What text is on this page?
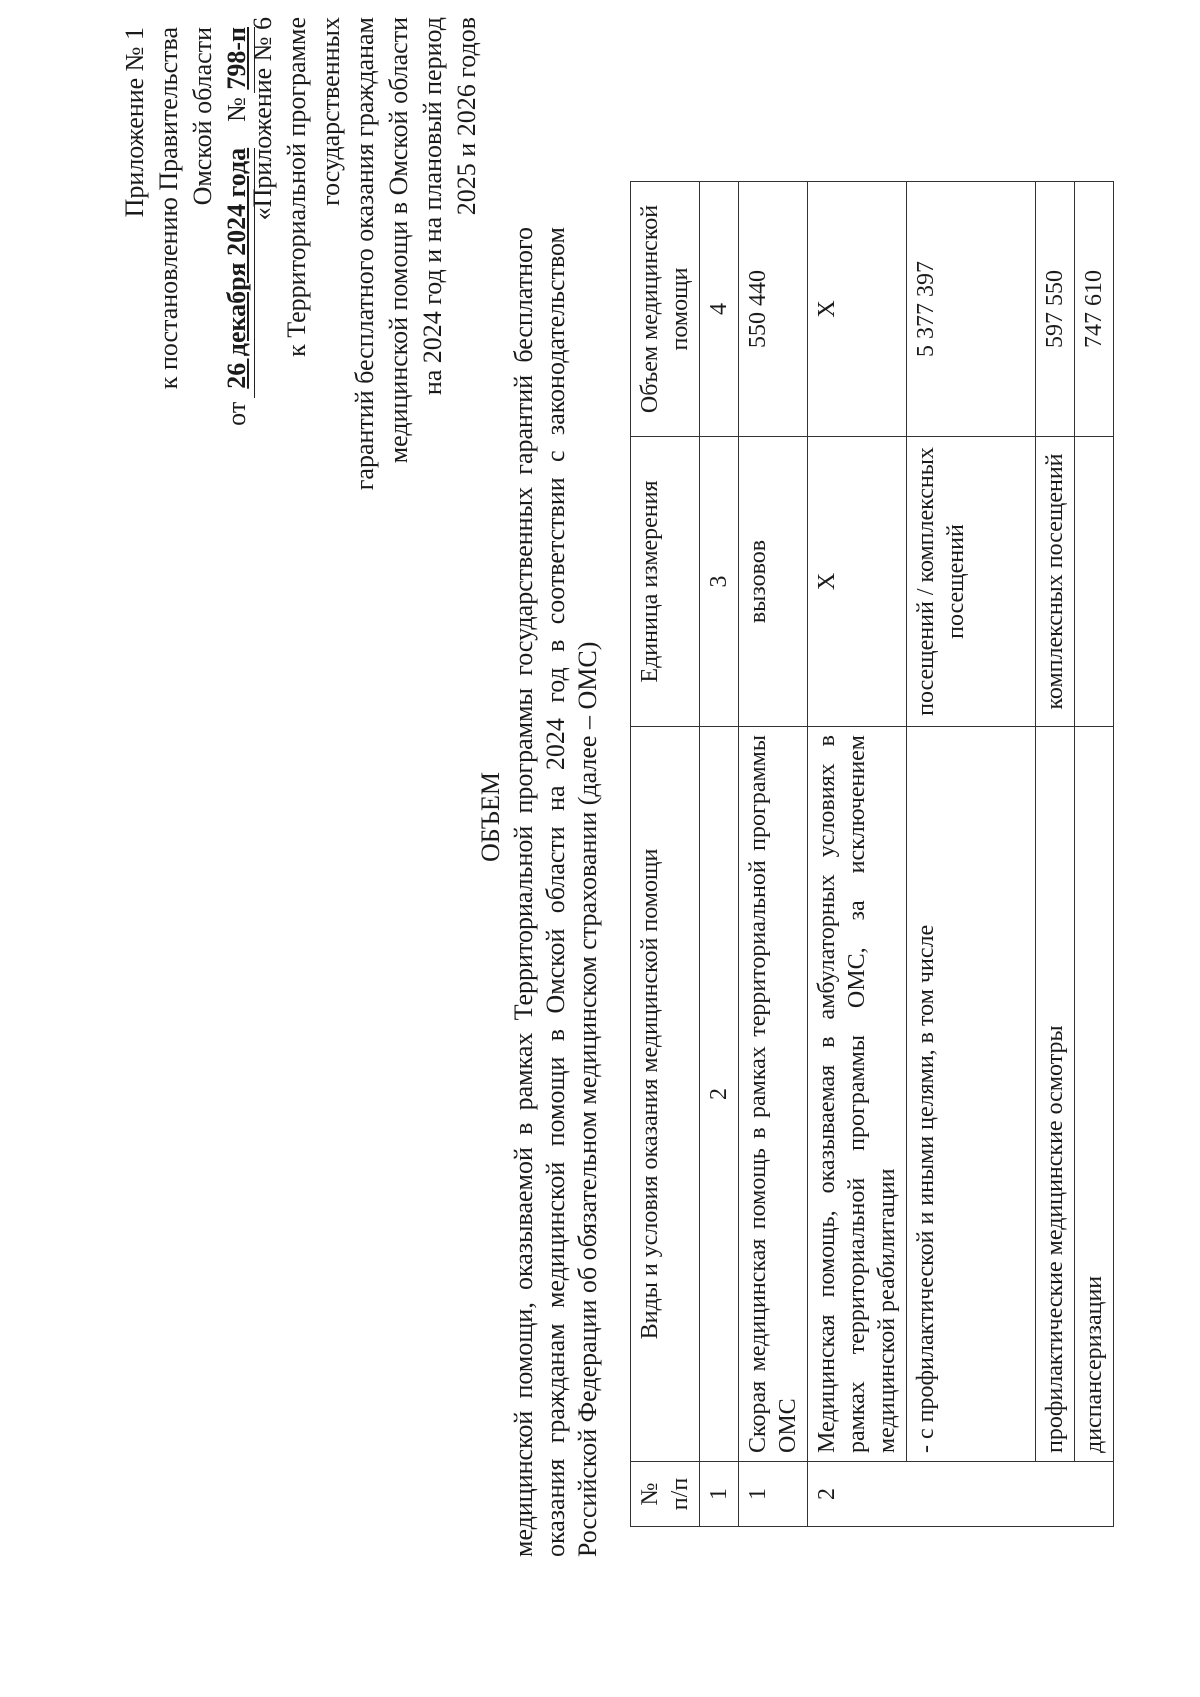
Приложение № 1 к постановлению Правительства Омской области
от
26 декабря 2024 года
№
798-п
«Приложение № 6 к Территориальной программе государственных гарантий бесплатного оказания гражданам медицинской помощи в Омской области на 2024 год и на плановый период 2025 и 2026 годов
ОБЪЕМ медицинской помощи, оказываемой в рамках Территориальной программы государственных гарантий бесплатного оказания гражданам медицинской помощи в Омской области на 2024 год в соответствии с законодательством Российской Федерации об обязательном медицинском страховании (далее – ОМС) № п/п	Виды и условия оказания медицинской помощи	Единица измерения	Объем медицинской помощи
1	2	3	4
1	Скорая медицинская помощь в рамках территориальной программы ОМС	вызовов	550 440
2	Медицинская помощь, оказываемая в амбулаторных условиях в рамках территориальной программы ОМС, за исключением медицинской реабилитации	X	X
	- с профилактической и иными целями, в том числе	посещений / комплексных посещений	5 377 397
	профилактические медицинские осмотры	комплексных посещений	597 550
	диспансеризации		747 610
